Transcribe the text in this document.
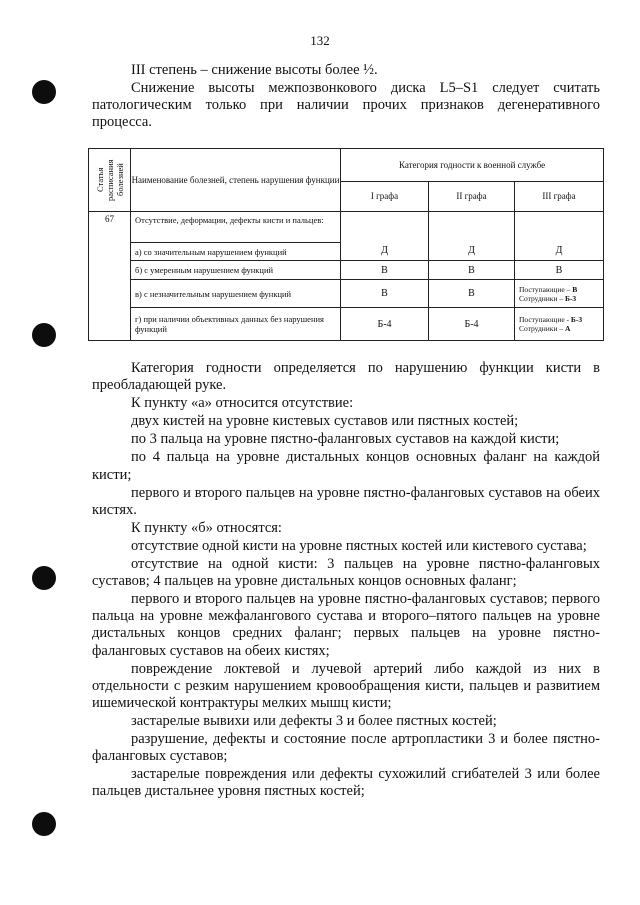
132
III степень – снижение высоты более ½.
Снижение высоты межпозвонкового диска L5–S1 следует считать патологическим только при наличии прочих признаков дегенеративного процесса.
Статья расписания болезней	Наименование болезней, степень нарушения функции	Категория годности к военной службе		
		I графа	II графа	III графа
67	Отсутствие, деформации, дефекты кисти и пальцев:	Д	Д	Д
	а) со значительным нарушением функций			
	б) с умеренным нарушением функций	В	В	В
	в) с незначительным нарушением функций	В	В	Поступающие – В
Сотрудники – Б-3

	г) при наличии объективных данных без нарушения функций	Б-4	Б-4	Поступающие - Б-3
Сотрудники – А

Категория годности определяется по нарушению функции кисти в преобладающей руке.

К пункту «а» относится отсутствие:

двух кистей на уровне кистевых суставов или пястных костей;

по 3 пальца на уровне пястно-фаланговых суставов на каждой кисти;

по 4 пальца на уровне дистальных концов основных фаланг на каждой кисти;

первого и второго пальцев на уровне пястно-фаланговых суставов на обеих кистях.

К пункту «б» относятся:

отсутствие одной кисти на уровне пястных костей или кистевого сустава;

отсутствие на одной кисти: 3 пальцев на уровне пястно-фаланговых суставов; 4 пальцев на уровне дистальных концов основных фаланг;

первого и второго пальцев на уровне пястно-фаланговых суставов; первого пальца на уровне межфалангового сустава и второго–пятого пальцев на уровне дистальных концов средних фаланг; первых пальцев на уровне пястно-фаланговых суставов на обеих кистях;

повреждение локтевой и лучевой артерий либо каждой из них в отдельности с резким нарушением кровообращения кисти, пальцев и развитием ишемической контрактуры мелких мышц кисти;

застарелые вывихи или дефекты 3 и более пястных костей;

разрушение, дефекты и состояние после артропластики 3 и более пястно-фаланговых суставов;

застарелые повреждения или дефекты сухожилий сгибателей 3 или более пальцев дистальнее уровня пястных костей;
